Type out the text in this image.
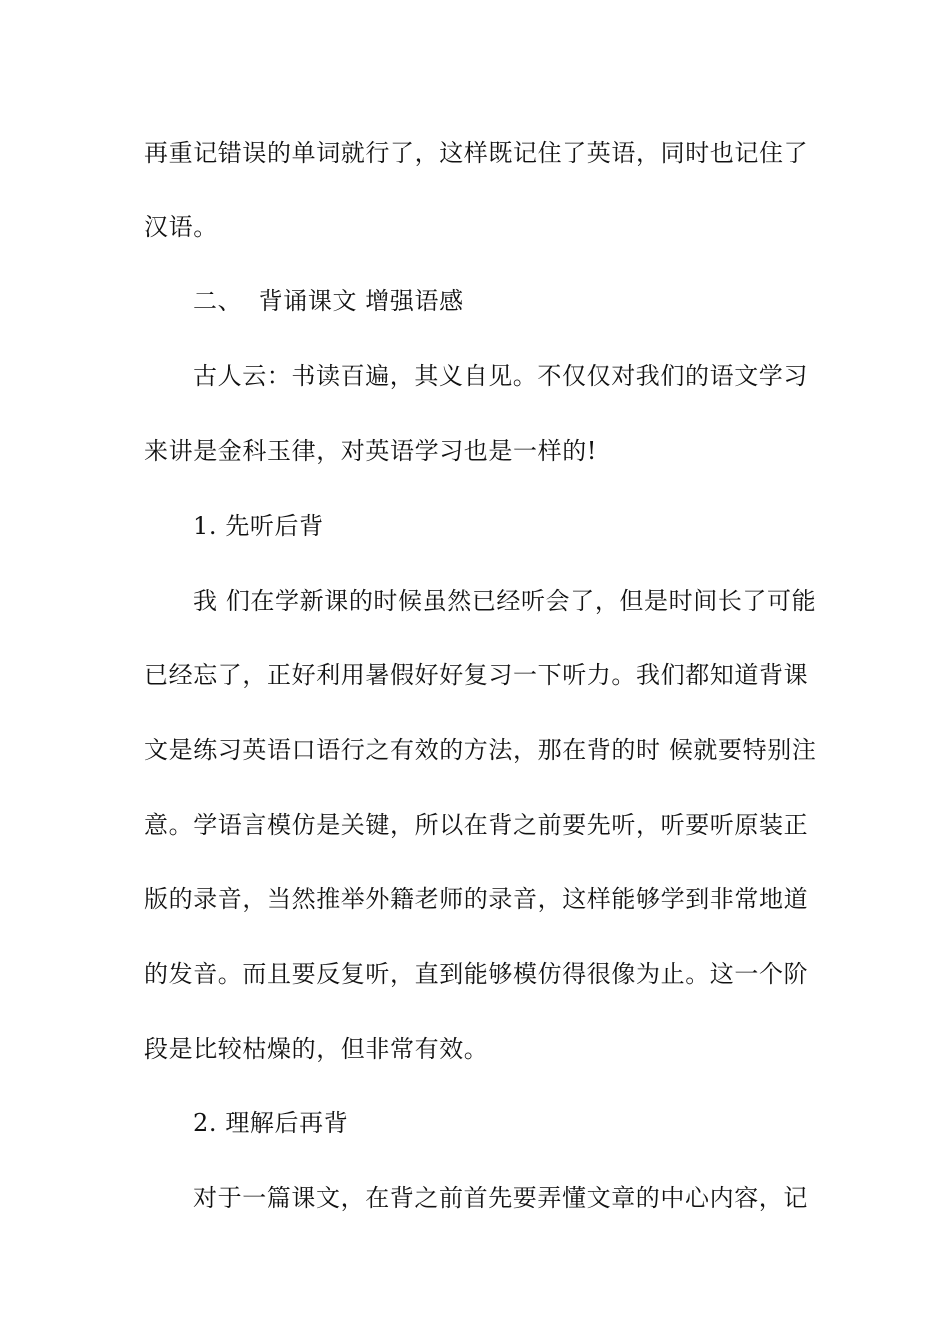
再重记错误的单词就行了，这样既记住了英语，同时也记住了
汉语。
二、  背诵课文 增强语感
古人云：书读百遍，其义自见。不仅仅对我们的语文学习
来讲是金科玉律，对英语学习也是一样的!
1. 先听后背
我 们在学新课的时候虽然已经听会了，但是时间长了可能
已经忘了，正好利用暑假好好复习一下听力。我们都知道背课
文是练习英语口语行之有效的方法，那在背的时 候就要特别注
意。学语言模仿是关键，所以在背之前要先听，听要听原装正
版的录音，当然推举外籍老师的录音，这样能够学到非常地道
的发音。而且要反复听，直到能够模仿得很像为止。这一个阶
段是比较枯燥的，但非常有效。
2. 理解后再背
对于一篇课文，在背之前首先要弄懂文章的中心内容，记
